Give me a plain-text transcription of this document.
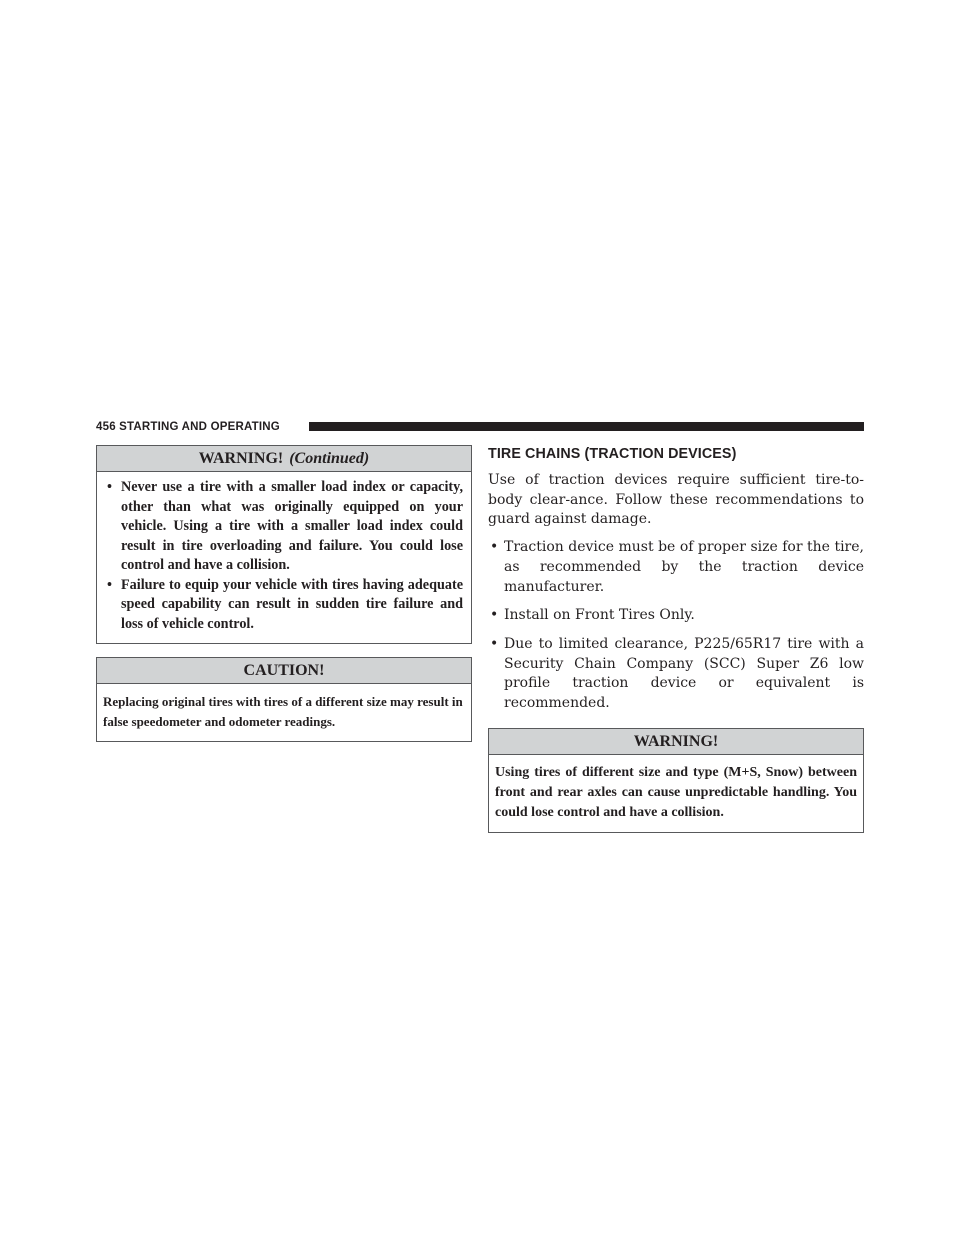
456 STARTING AND OPERATING
WARNING! (Continued)
• Never use a tire with a smaller load index or capacity, other than what was originally equipped on your vehicle. Using a tire with a smaller load index could result in tire overloading and failure. You could lose control and have a collision.
• Failure to equip your vehicle with tires having adequate speed capability can result in sudden tire failure and loss of vehicle control.
CAUTION!
Replacing original tires with tires of a different size may result in false speedometer and odometer readings.
TIRE CHAINS (TRACTION DEVICES)

Use of traction devices require sufficient tire-to-body clear-ance. Follow these recommendations to guard against damage.

• Traction device must be of proper size for the tire, as recommended by the traction device manufacturer.
• Install on Front Tires Only.
• Due to limited clearance, P225/65R17 tire with a Security Chain Company (SCC) Super Z6 low profile traction device or equivalent is recommended.
WARNING!
Using tires of different size and type (M+S, Snow) between front and rear axles can cause unpredictable handling. You could lose control and have a collision.
